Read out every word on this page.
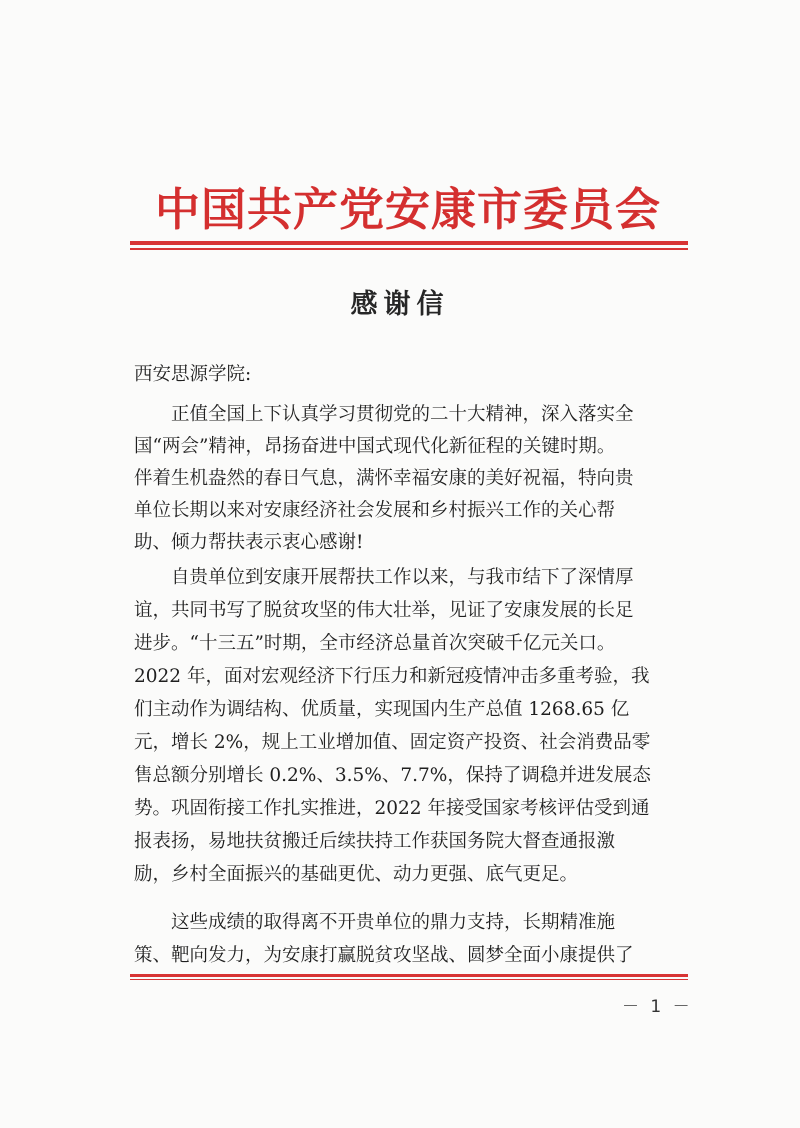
中国共产党安康市委员会
感谢信
西安思源学院:
　　正值全国上下认真学习贯彻党的二十大精神，深入落实全
国“两会”精神，昂扬奋进中国式现代化新征程的关键时期。
伴着生机盎然的春日气息，满怀幸福安康的美好祝福，特向贵
单位长期以来对安康经济社会发展和乡村振兴工作的关心帮
助、倾力帮扶表示衷心感谢!
　　自贵单位到安康开展帮扶工作以来，与我市结下了深情厚
谊，共同书写了脱贫攻坚的伟大壮举，见证了安康发展的长足
进步。“十三五”时期，全市经济总量首次突破千亿元关口。
2022 年，面对宏观经济下行压力和新冠疫情冲击多重考验，我
们主动作为调结构、优质量，实现国内生产总值 1268.65 亿
元，增长 2%，规上工业增加值、固定资产投资、社会消费品零
售总额分别增长 0.2%、3.5%、7.7%，保持了调稳并进发展态
势。巩固衔接工作扎实推进，2022 年接受国家考核评估受到通
报表扬，易地扶贫搬迁后续扶持工作获国务院大督查通报激
励，乡村全面振兴的基础更优、动力更强、底气更足。
　　这些成绩的取得离不开贵单位的鼎力支持，长期精准施
策、靶向发力，为安康打赢脱贫攻坚战、圆梦全面小康提供了
－ 1 －
